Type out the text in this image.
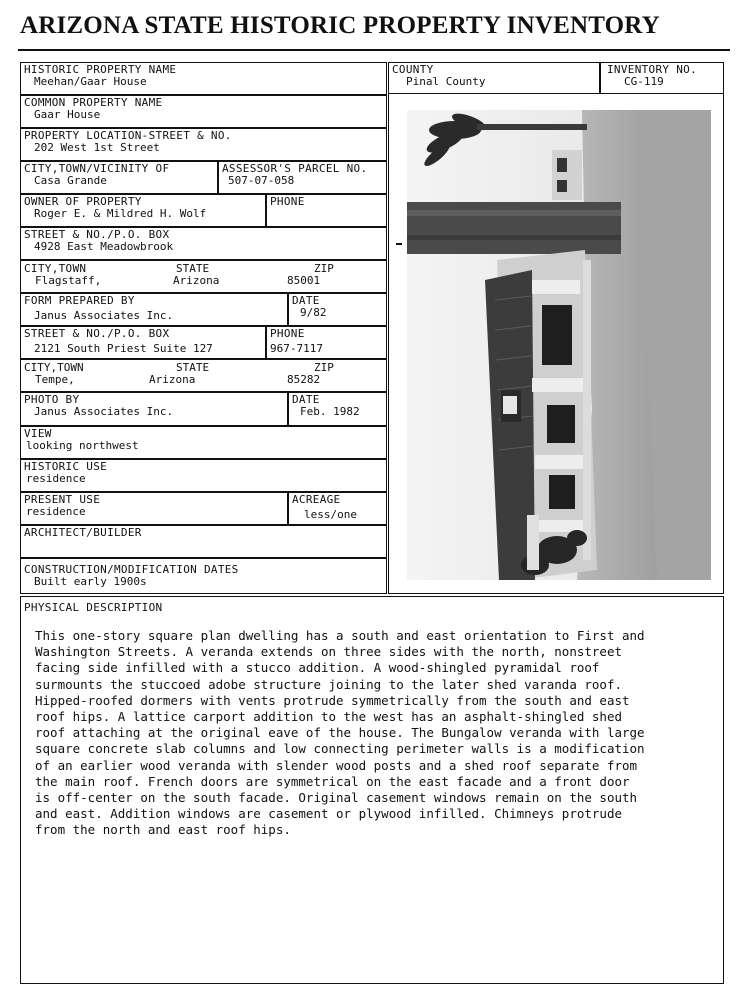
ARIZONA STATE HISTORIC PROPERTY INVENTORY
HISTORIC PROPERTY NAME
Meehan/Gaar House
COMMON PROPERTY NAME
Gaar House
PROPERTY LOCATION-STREET & NO.
202 West 1st Street
CITY,TOWN/VICINITY OF
Casa Grande
ASSESSOR'S PARCEL NO.
507-07-058
OWNER OF PROPERTY
Roger E. & Mildred H. Wolf
PHONE
STREET & NO./P.O. BOX
4928 East Meadowbrook
CITY,TOWN	STATE	ZIP
Flagstaff,	Arizona	85001
FORM PREPARED BY
Janus Associates Inc.
DATE
9/82
STREET & NO./P.O. BOX
2121 South Priest Suite 127
PHONE
967-7117
CITY,TOWN	STATE	ZIP
Tempe,	Arizona	85282
PHOTO BY
Janus Associates Inc.
DATE
Feb. 1982
VIEW
looking northwest
HISTORIC USE
residence
PRESENT USE
residence
ACREAGE
less/one
ARCHITECT/BUILDER
CONSTRUCTION/MODIFICATION DATES
Built early 1900s
COUNTY
Pinal County
INVENTORY NO.
CG-119
PHYSICAL DESCRIPTION
This one-story square plan dwelling has a south and east orientation to First and
Washington Streets. A veranda extends on three sides with the north, nonstreet
facing side infilled with a stucco addition. A wood-shingled pyramidal roof
surmounts the stuccoed adobe structure joining to the later shed varanda roof.
Hipped-roofed dormers with vents protrude symmetrically from the south and east
roof hips. A lattice carport addition to the west has an asphalt-shingled shed
roof attaching at the original eave of the house. The Bungalow veranda with large
square concrete slab columns and low connecting perimeter walls is a modification
of an earlier wood veranda with slender wood posts and a shed roof separate from
the main roof. French doors are symmetrical on the east facade and a front door
is off-center on the south facade. Original casement windows remain on the south
and east. Addition windows are casement or plywood infilled. Chimneys protrude
from the north and east roof hips.
